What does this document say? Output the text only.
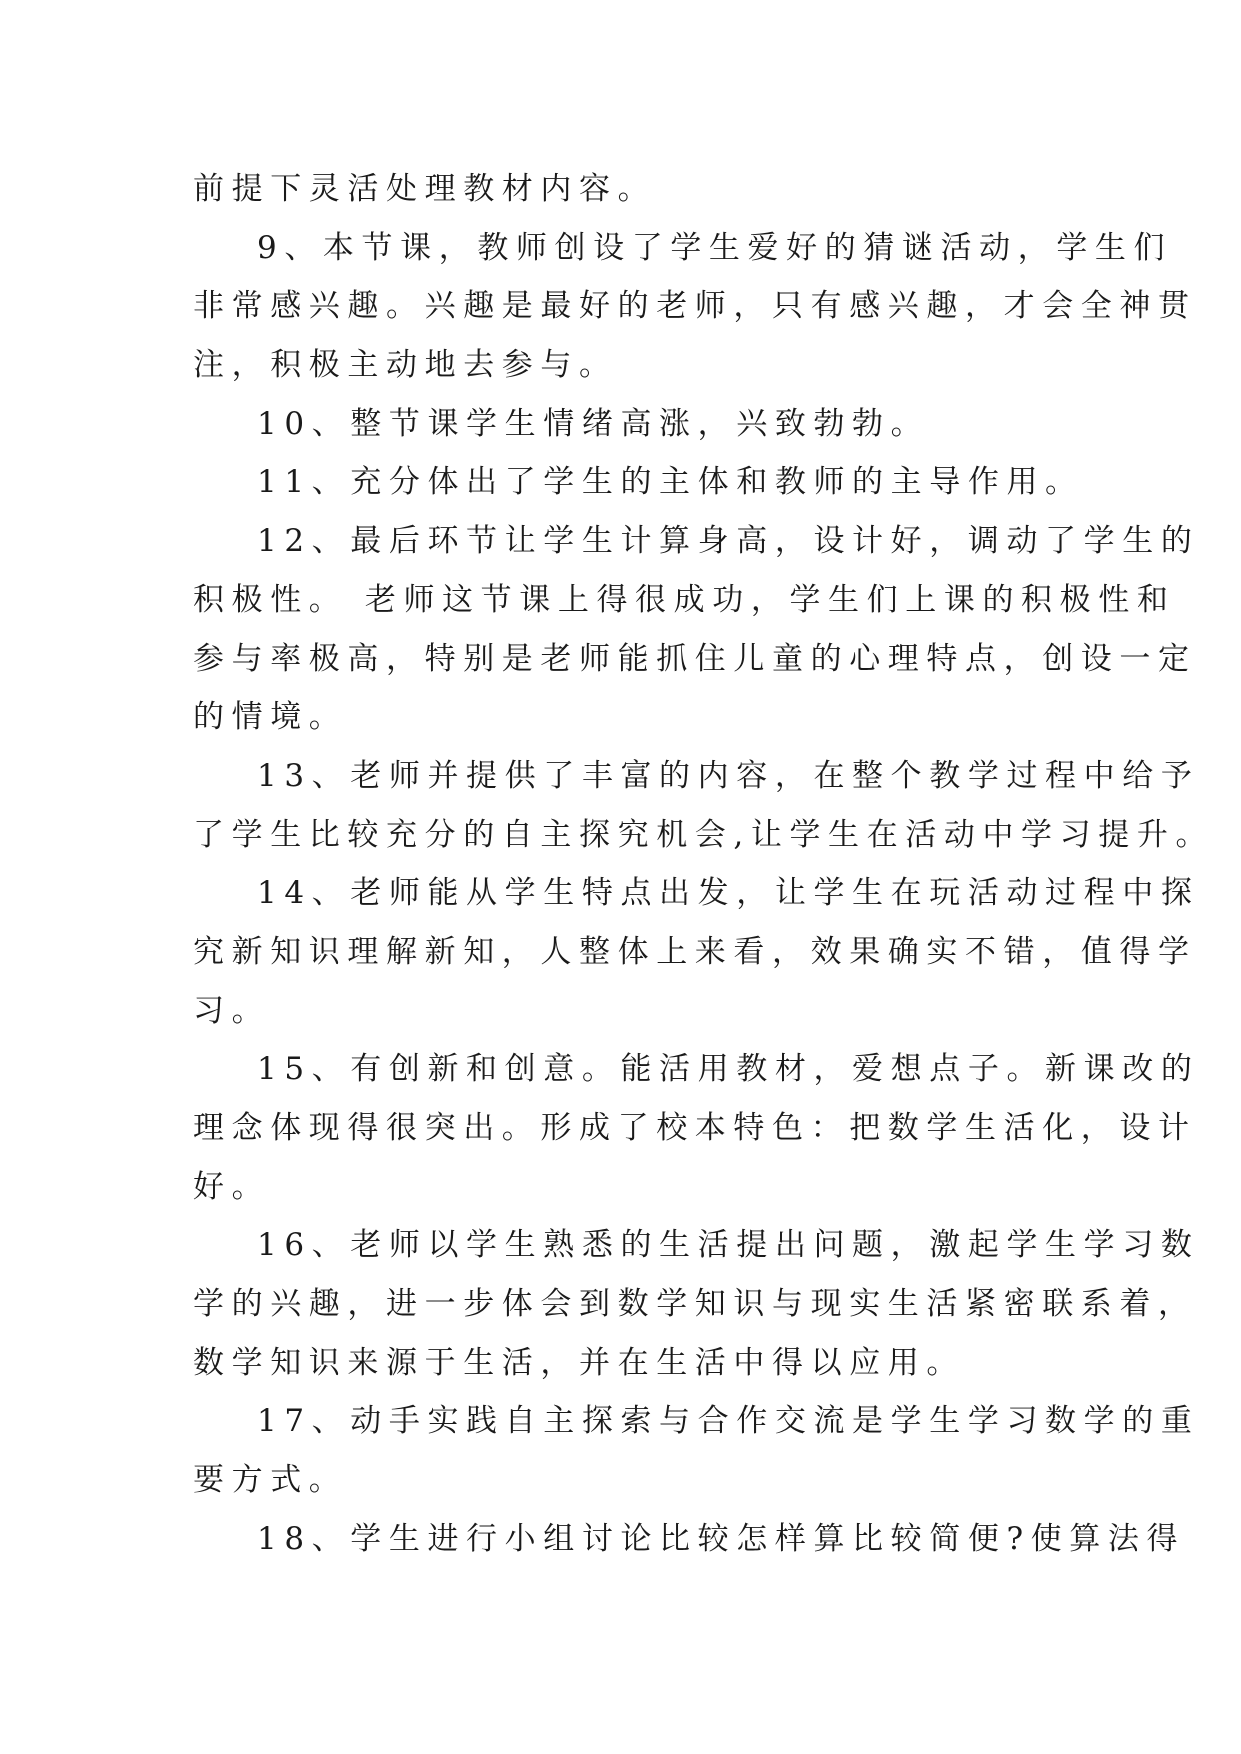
前提下灵活处理教材内容。
9、本节课，教师创设了学生爱好的猜谜活动，学生们
非常感兴趣。兴趣是最好的老师，只有感兴趣，才会全神贯
注，积极主动地去参与。
10、整节课学生情绪高涨，兴致勃勃。
11、充分体出了学生的主体和教师的主导作用。
12、最后环节让学生计算身高，设计好，调动了学生的
积极性。 老师这节课上得很成功，学生们上课的积极性和
参与率极高，特别是老师能抓住儿童的心理特点，创设一定
的情境。
13、老师并提供了丰富的内容，在整个教学过程中给予
了学生比较充分的自主探究机会,让学生在活动中学习提升。
14、老师能从学生特点出发，让学生在玩活动过程中探
究新知识理解新知，人整体上来看，效果确实不错，值得学
习。
15、有创新和创意。能活用教材，爱想点子。新课改的
理念体现得很突出。形成了校本特色：把数学生活化，设计
好。
16、老师以学生熟悉的生活提出问题，激起学生学习数
学的兴趣，进一步体会到数学知识与现实生活紧密联系着，
数学知识来源于生活，并在生活中得以应用。
17、动手实践自主探索与合作交流是学生学习数学的重
要方式。
18、学生进行小组讨论比较怎样算比较简便?使算法得
